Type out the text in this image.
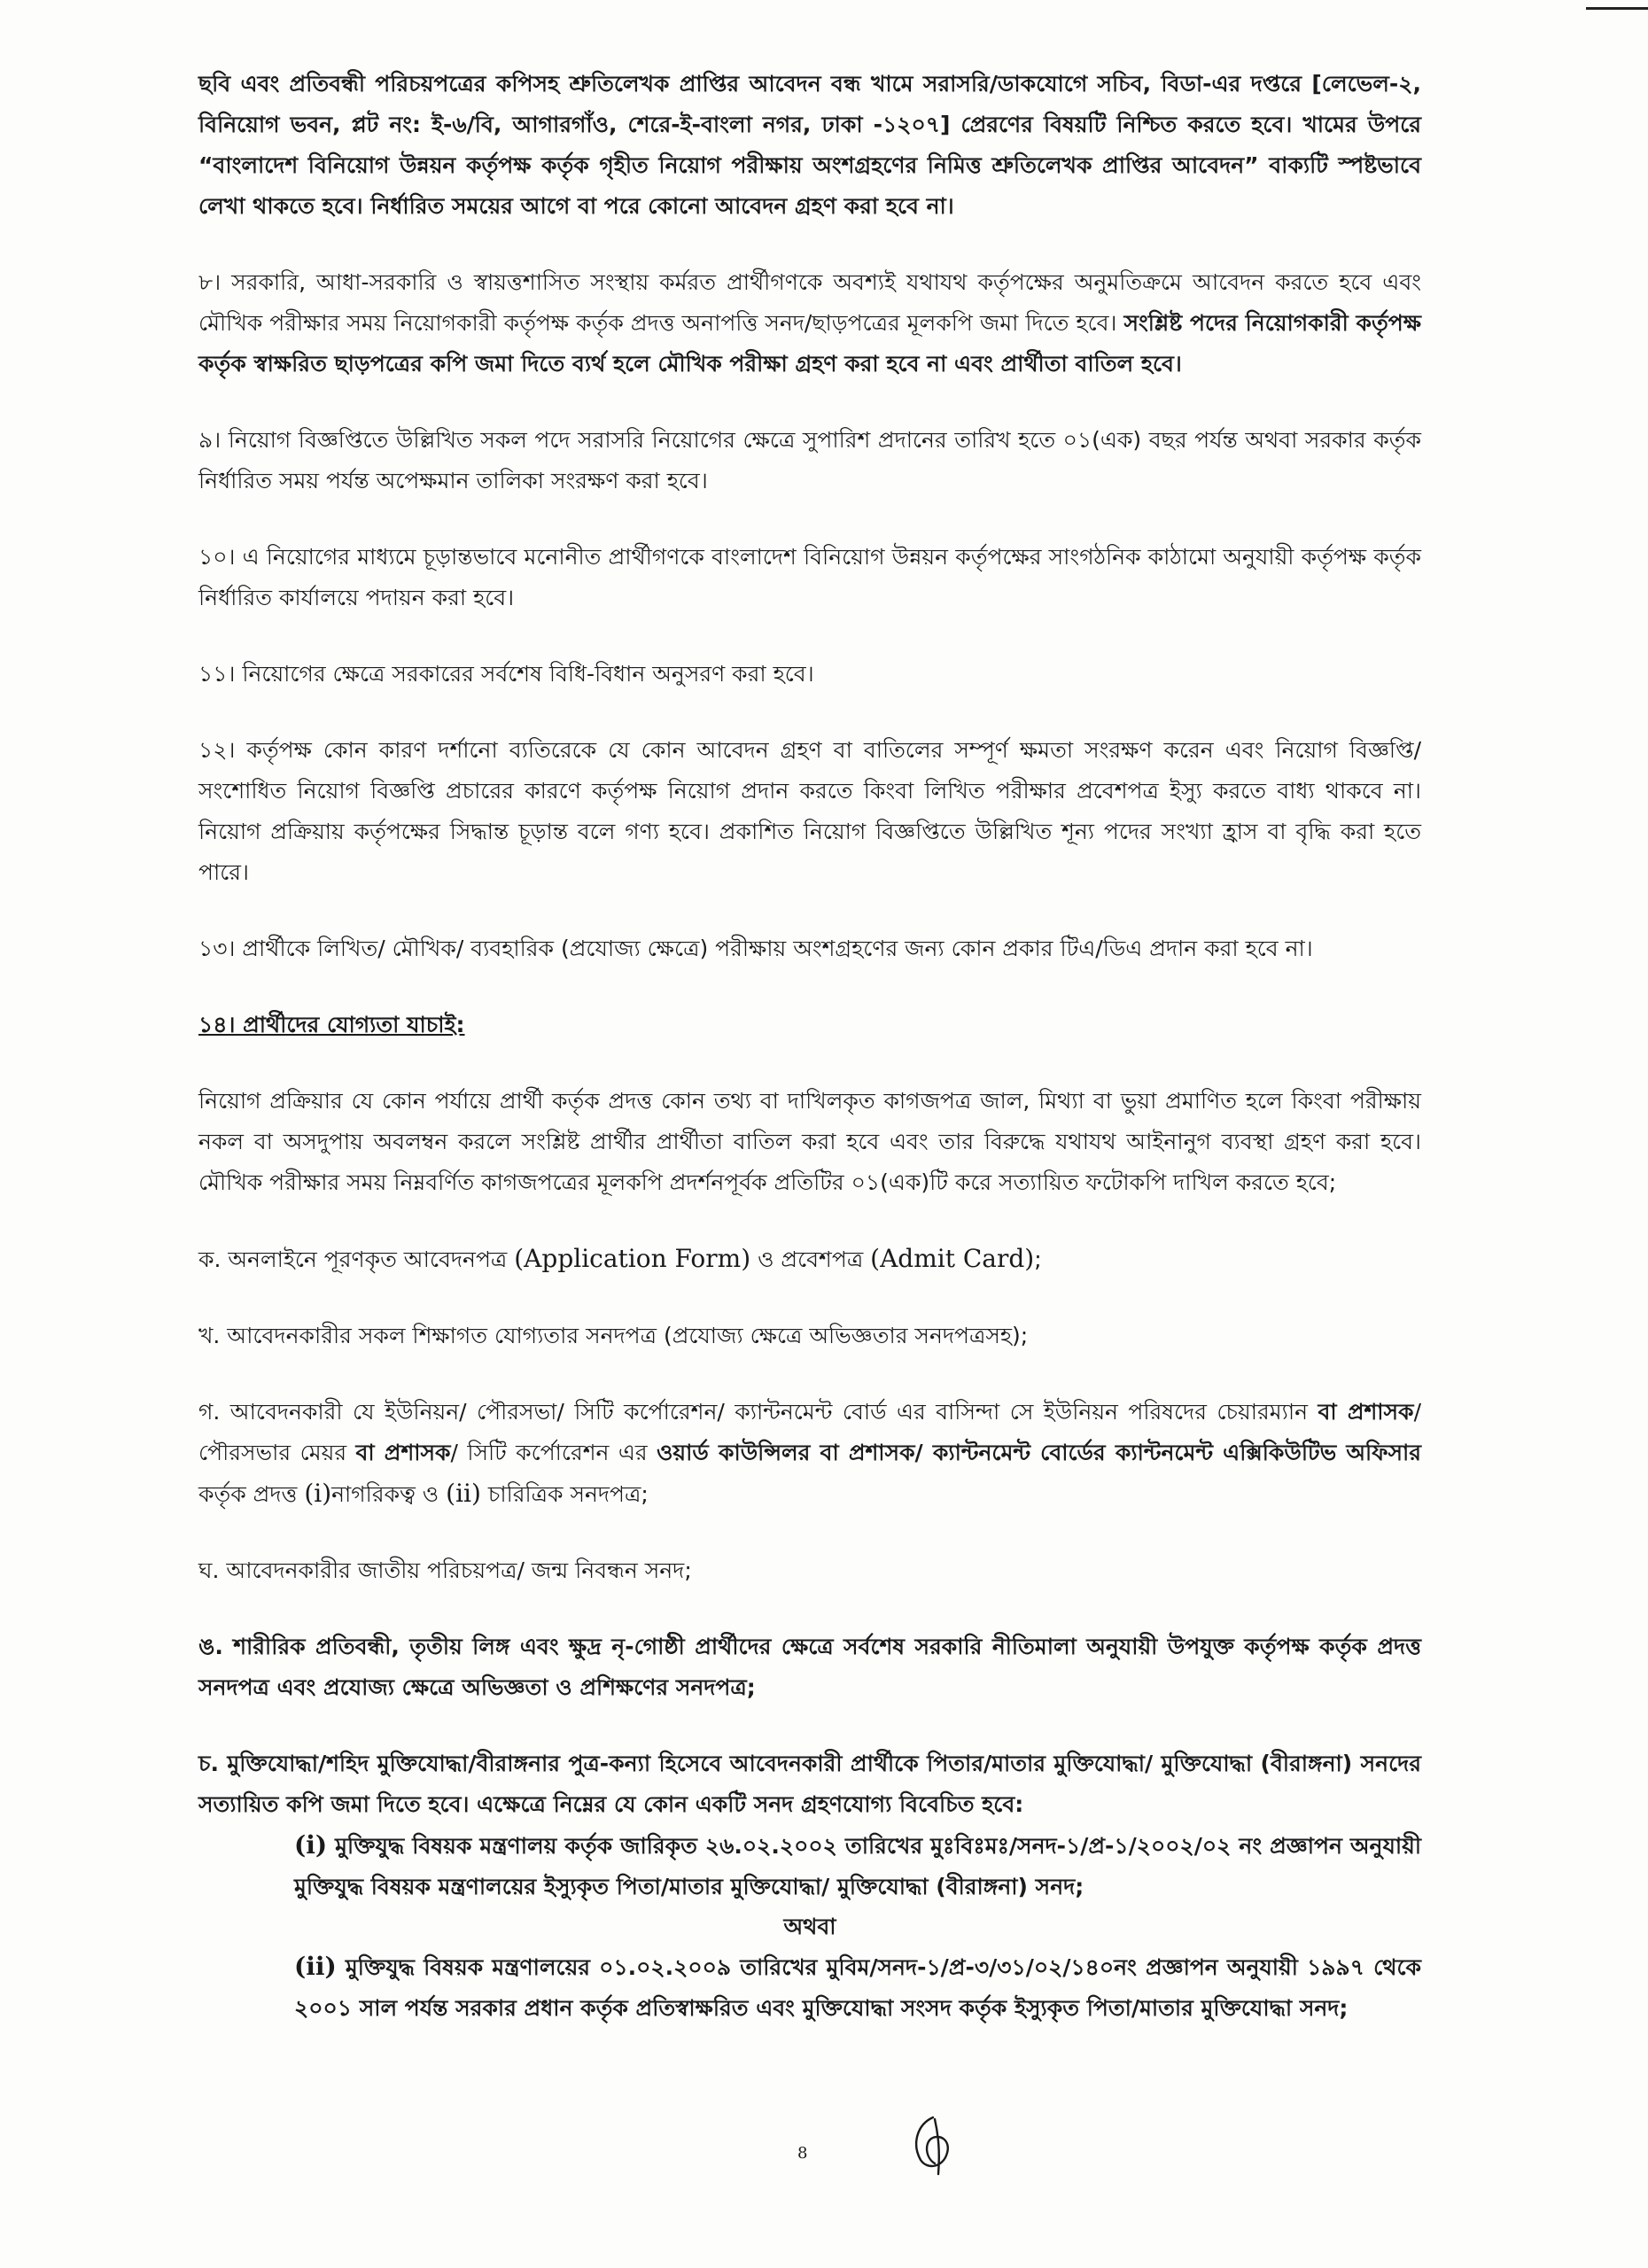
ছবি এবং প্রতিবন্ধী পরিচয়পত্রের কপিসহ শ্রুতিলেখক প্রাপ্তির আবেদন বন্ধ খামে সরাসরি/ডাকযোগে সচিব, বিডা-এর দপ্তরে [লেভেল-২, বিনিয়োগ ভবন, প্লট নং: ই-৬/বি, আগারগাঁও, শেরে-ই-বাংলা নগর, ঢাকা -১২০৭] প্রেরণের বিষয়টি নিশ্চিত করতে হবে। খামের উপরে “বাংলাদেশ বিনিয়োগ উন্নয়ন কর্তৃপক্ষ কর্তৃক গৃহীত নিয়োগ পরীক্ষায় অংশগ্রহণের নিমিত্ত শ্রুতিলেখক প্রাপ্তির আবেদন” বাক্যটি স্পষ্টভাবে লেখা থাকতে হবে। নির্ধারিত সময়ের আগে বা পরে কোনো আবেদন গ্রহণ করা হবে না।

৮। সরকারি, আধা-সরকারি ও স্বায়ত্তশাসিত সংস্থায় কর্মরত প্রার্থীগণকে অবশ্যই যথাযথ কর্তৃপক্ষের অনুমতিক্রমে আবেদন করতে হবে এবং মৌখিক পরীক্ষার সময় নিয়োগকারী কর্তৃপক্ষ কর্তৃক প্রদত্ত অনাপত্তি সনদ/ছাড়পত্রের মূলকপি জমা দিতে হবে। সংশ্লিষ্ট পদের নিয়োগকারী কর্তৃপক্ষ কর্তৃক স্বাক্ষরিত ছাড়পত্রের কপি জমা দিতে ব্যর্থ হলে মৌখিক পরীক্ষা গ্রহণ করা হবে না এবং প্রার্থীতা বাতিল হবে।

৯। নিয়োগ বিজ্ঞপ্তিতে উল্লিখিত সকল পদে সরাসরি নিয়োগের ক্ষেত্রে সুপারিশ প্রদানের তারিখ হতে ০১(এক) বছর পর্যন্ত অথবা সরকার কর্তৃক নির্ধারিত সময় পর্যন্ত অপেক্ষমান তালিকা সংরক্ষণ করা হবে।

১০। এ নিয়োগের মাধ্যমে চূড়ান্তভাবে মনোনীত প্রার্থীগণকে বাংলাদেশ বিনিয়োগ উন্নয়ন কর্তৃপক্ষের সাংগঠনিক কাঠামো অনুযায়ী কর্তৃপক্ষ কর্তৃক নির্ধারিত কার্যালয়ে পদায়ন করা হবে।

১১। নিয়োগের ক্ষেত্রে সরকারের সর্বশেষ বিধি-বিধান অনুসরণ করা হবে।

১২। কর্তৃপক্ষ কোন কারণ দর্শানো ব্যতিরেকে যে কোন আবেদন গ্রহণ বা বাতিলের সম্পূর্ণ ক্ষমতা সংরক্ষণ করেন এবং নিয়োগ বিজ্ঞপ্তি/সংশোধিত নিয়োগ বিজ্ঞপ্তি প্রচারের কারণে কর্তৃপক্ষ নিয়োগ প্রদান করতে কিংবা লিখিত পরীক্ষার প্রবেশপত্র ইস্যু করতে বাধ্য থাকবে না। নিয়োগ প্রক্রিয়ায় কর্তৃপক্ষের সিদ্ধান্ত চূড়ান্ত বলে গণ্য হবে। প্রকাশিত নিয়োগ বিজ্ঞপ্তিতে উল্লিখিত শূন্য পদের সংখ্যা হ্রাস বা বৃদ্ধি করা হতে পারে।

১৩। প্রার্থীকে লিখিত/ মৌখিক/ ব্যবহারিক (প্রযোজ্য ক্ষেত্রে) পরীক্ষায় অংশগ্রহণের জন্য কোন প্রকার টিএ/ডিএ প্রদান করা হবে না।

১৪। প্রার্থীদের যোগ্যতা যাচাই:

নিয়োগ প্রক্রিয়ার যে কোন পর্যায়ে প্রার্থী কর্তৃক প্রদত্ত কোন তথ্য বা দাখিলকৃত কাগজপত্র জাল, মিথ্যা বা ভুয়া প্রমাণিত হলে কিংবা পরীক্ষায় নকল বা অসদুপায় অবলম্বন করলে সংশ্লিষ্ট প্রার্থীর প্রার্থীতা বাতিল করা হবে এবং তার বিরুদ্ধে যথাযথ আইনানুগ ব্যবস্থা গ্রহণ করা হবে। মৌখিক পরীক্ষার সময় নিম্নবর্ণিত কাগজপত্রের মূলকপি প্রদর্শনপূর্বক প্রতিটির ০১(এক)টি করে সত্যায়িত ফটোকপি দাখিল করতে হবে;

ক. অনলাইনে পূরণকৃত আবেদনপত্র (Application Form) ও প্রবেশপত্র (Admit Card);

খ. আবেদনকারীর সকল শিক্ষাগত যোগ্যতার সনদপত্র (প্রযোজ্য ক্ষেত্রে অভিজ্ঞতার সনদপত্রসহ);

গ. আবেদনকারী যে ইউনিয়ন/ পৌরসভা/ সিটি কর্পোরেশন/ ক্যান্টনমেন্ট বোর্ড এর বাসিন্দা সে ইউনিয়ন পরিষদের চেয়ারম্যান বা প্রশাসক/ পৌরসভার মেয়র বা প্রশাসক/ সিটি কর্পোরেশন এর ওয়ার্ড কাউন্সিলর বা প্রশাসক/ ক্যান্টনমেন্ট বোর্ডের ক্যান্টনমেন্ট এক্সিকিউটিভ অফিসার কর্তৃক প্রদত্ত (i)নাগরিকত্ব ও (ii) চারিত্রিক সনদপত্র;

ঘ. আবেদনকারীর জাতীয় পরিচয়পত্র/ জন্ম নিবন্ধন সনদ;

ঙ. শারীরিক প্রতিবন্ধী, তৃতীয় লিঙ্গ এবং ক্ষুদ্র নৃ-গোষ্ঠী প্রার্থীদের ক্ষেত্রে সর্বশেষ সরকারি নীতিমালা অনুযায়ী উপযুক্ত কর্তৃপক্ষ কর্তৃক প্রদত্ত সনদপত্র এবং প্রযোজ্য ক্ষেত্রে অভিজ্ঞতা ও প্রশিক্ষণের সনদপত্র;

চ. মুক্তিযোদ্ধা/শহিদ মুক্তিযোদ্ধা/বীরাঙ্গনার পুত্র-কন্যা হিসেবে আবেদনকারী প্রার্থীকে পিতার/মাতার মুক্তিযোদ্ধা/ মুক্তিযোদ্ধা (বীরাঙ্গনা) সনদের সত্যায়িত কপি জমা দিতে হবে। এক্ষেত্রে নিম্নের যে কোন একটি সনদ গ্রহণযোগ্য বিবেচিত হবে:

(i) মুক্তিযুদ্ধ বিষয়ক মন্ত্রণালয় কর্তৃক জারিকৃত ২৬.০২.২০০২ তারিখের মুঃবিঃমঃ/সনদ-১/প্র-১/২০০২/০২ নং প্রজ্ঞাপন অনুযায়ী মুক্তিযুদ্ধ বিষয়ক মন্ত্রণালয়ের ইস্যুকৃত পিতা/মাতার মুক্তিযোদ্ধা/ মুক্তিযোদ্ধা (বীরাঙ্গনা) সনদ;

অথবা

(ii) মুক্তিযুদ্ধ বিষয়ক মন্ত্রণালয়ের ০১.০২.২০০৯ তারিখের মুবিম/সনদ-১/প্র-৩/৩১/০২/১৪০নং প্রজ্ঞাপন অনুযায়ী ১৯৯৭ থেকে ২০০১ সাল পর্যন্ত সরকার প্রধান কর্তৃক প্রতিস্বাক্ষরিত এবং মুক্তিযোদ্ধা সংসদ কর্তৃক ইস্যুকৃত পিতা/মাতার মুক্তিযোদ্ধা সনদ;

8
